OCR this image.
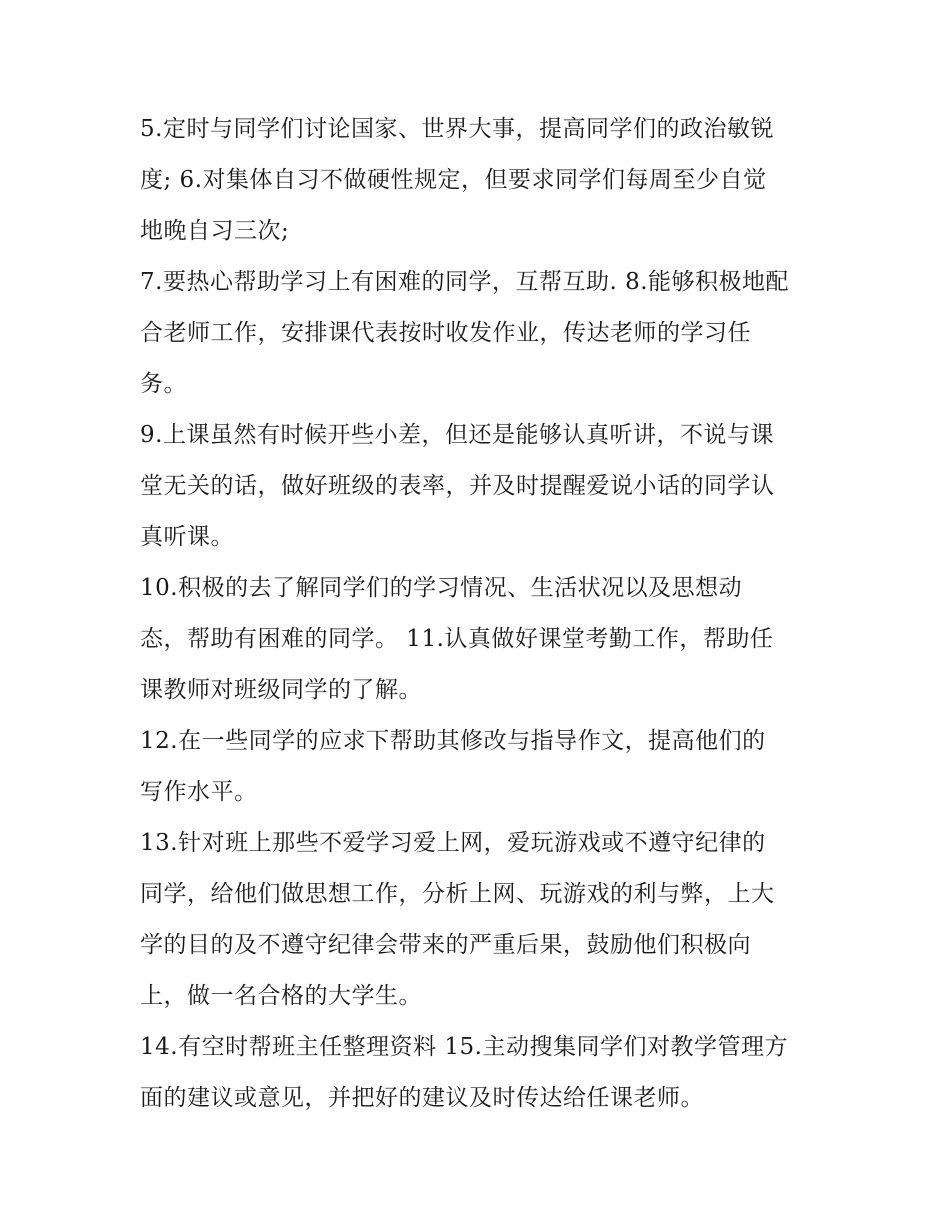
5.定时与同学们讨论国家、世界大事，提高同学们的政治敏锐
度; 6.对集体自习不做硬性规定，但要求同学们每周至少自觉
地晚自习三次;
7.要热心帮助学习上有困难的同学，互帮互助. 8.能够积极地配
合老师工作，安排课代表按时收发作业，传达老师的学习任
务。
9.上课虽然有时候开些小差，但还是能够认真听讲，不说与课
堂无关的话，做好班级的表率，并及时提醒爱说小话的同学认
真听课。
10.积极的去了解同学们的学习情况、生活状况以及思想动
态，帮助有困难的同学。 11.认真做好课堂考勤工作，帮助任
课教师对班级同学的了解。
12.在一些同学的应求下帮助其修改与指导作文，提高他们的
写作水平。
13.针对班上那些不爱学习爱上网，爱玩游戏或不遵守纪律的
同学，给他们做思想工作，分析上网、玩游戏的利与弊，上大
学的目的及不遵守纪律会带来的严重后果，鼓励他们积极向
上，做一名合格的大学生。
14.有空时帮班主任整理资料 15.主动搜集同学们对教学管理方
面的建议或意见，并把好的建议及时传达给任课老师。
